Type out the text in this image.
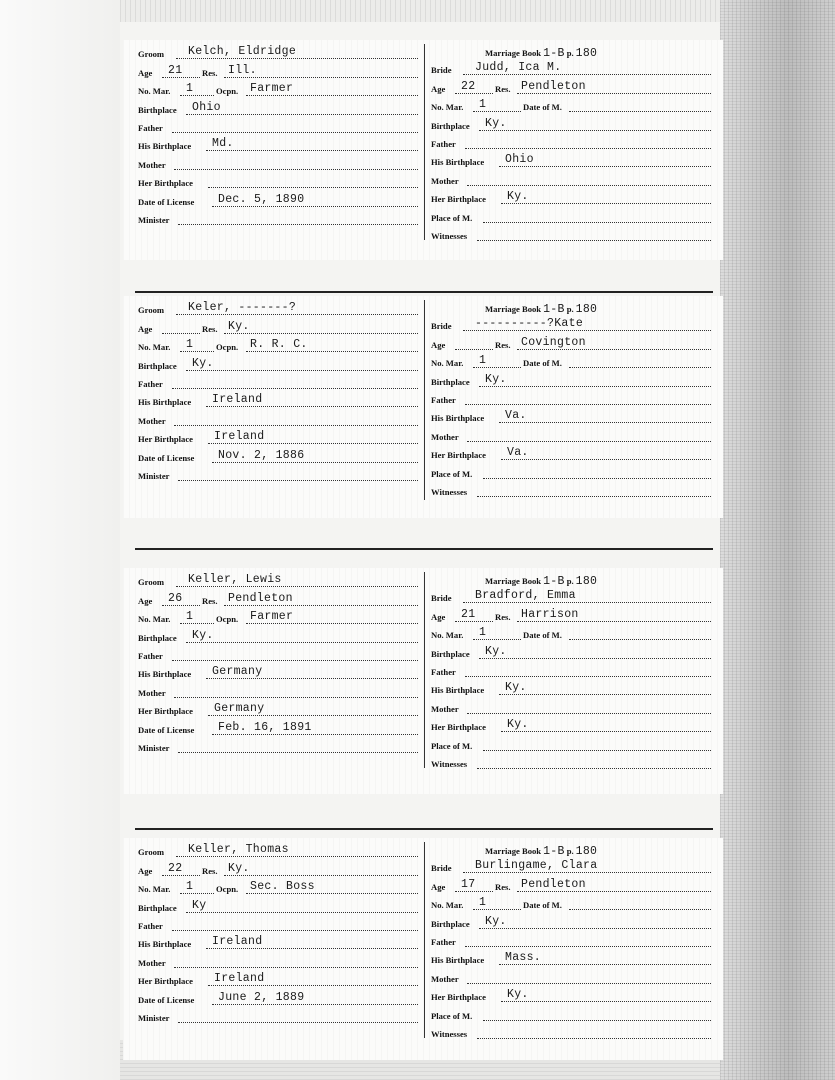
Groom Kelch, Eldridge
Age 21 Res. Ill.
No. Mar. 1	Ocpn. Farmer
Birthplace Ohio
Father
His Birthplace Md.
Mother
Her Birthplace
Date of License Dec. 5, 1890
Minister
Marriage Book 1-B p. 180
Bride Judd, Ica M.
Age 22 Res. Pendleton
No. Mar. 1	Date of M.
Birthplace Ky.
Father
His Birthplace Ohio
Mother
Her Birthplace Ky.
Place of M.
Witnesses
Groom Keler, -------?
Age	Res. Ky.
No. Mar. 1	Ocpn. R. R. C.
Birthplace Ky.
Father
His Birthplace Ireland
Mother
Her Birthplace Ireland
Date of License Nov. 2, 1886
Minister
Marriage Book 1-B p. 180
Bride ----------?Kate
Age	Res. Covington
No. Mar. 1	Date of M.
Birthplace Ky.
Father
His Birthplace Va.
Mother
Her Birthplace Va.
Place of M.
Witnesses
Groom Keller, Lewis
Age 26 Res. Pendleton
No. Mar. 1	Ocpn. Farmer
Birthplace Ky.
Father
His Birthplace Germany
Mother
Her Birthplace Germany
Date of License Feb. 16, 1891
Minister
Marriage Book 1-B p. 180
Bride Bradford, Emma
Age 21 Res. Harrison
No. Mar. 1	Date of M.
Birthplace Ky.
Father
His Birthplace Ky.
Mother
Her Birthplace Ky.
Place of M.
Witnesses
Groom Keller, Thomas
Age 22 Res. Ky.
No. Mar. 1	Ocpn. Sec. Boss
Birthplace Ky
Father
His Birthplace Ireland
Mother
Her Birthplace Ireland
Date of License June 2, 1889
Minister
Marriage Book 1-B p. 180
Bride Burlingame, Clara
Age 17 Res. Pendleton
No. Mar. 1	Date of M.
Birthplace Ky.
Father
His Birthplace Mass.
Mother
Her Birthplace Ky.
Place of M.
Witnesses
